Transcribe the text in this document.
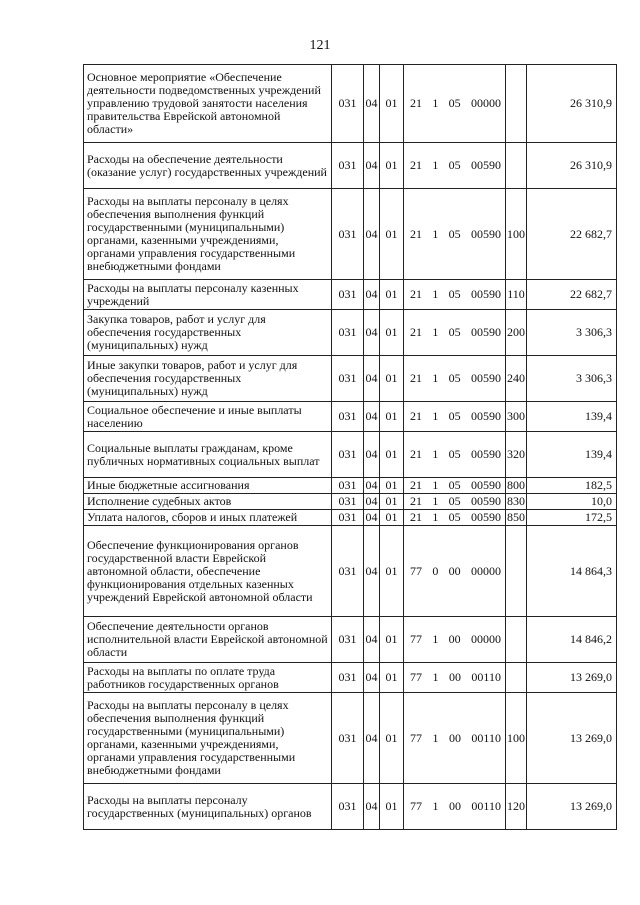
121
Основное мероприятие «Обеспечение деятельности подведомственных учреждений управлению трудовой занятости населения правительства Еврейской автономной области»	031	04	01	21 1 05 00000		26 310,9
Расходы на обеспечение деятельности (оказание услуг) государственных учреждений	031	04	01	21 1 05 00590		26 310,9
Расходы на выплаты персоналу в целях обеспечения выполнения функций государственными (муниципальными) органами, казенными учреждениями, органами управления государственными внебюджетными фондами	031	04	01	21 1 05 00590	100	22 682,7
Расходы на выплаты персоналу казенных учреждений	031	04	01	21 1 05 00590	110	22 682,7
Закупка товаров, работ и услуг для обеспечения государственных (муниципальных) нужд	031	04	01	21 1 05 00590	200	3 306,3
Иные закупки товаров, работ и услуг для обеспечения государственных (муниципальных) нужд	031	04	01	21 1 05 00590	240	3 306,3
Социальное обеспечение и иные выплаты населению	031	04	01	21 1 05 00590	300	139,4
Социальные выплаты гражданам, кроме публичных нормативных социальных выплат	031	04	01	21 1 05 00590	320	139,4
Иные бюджетные ассигнования	031	04	01	21 1 05 00590	800	182,5
Исполнение судебных актов	031	04	01	21 1 05 00590	830	10,0
Уплата налогов, сборов и иных платежей	031	04	01	21 1 05 00590	850	172,5
Обеспечение функционирования органов государственной власти Еврейской автономной области, обеспечение функционирования отдельных казенных учреждений Еврейской автономной области	031	04	01	77 0 00 00000		14 864,3
Обеспечение деятельности органов исполнительной власти Еврейской автономной области	031	04	01	77 1 00 00000		14 846,2
Расходы на выплаты по оплате труда работников государственных органов	031	04	01	77 1 00 00110		13 269,0
Расходы на выплаты персоналу в целях обеспечения выполнения функций государственными (муниципальными) органами, казенными учреждениями, органами управления государственными внебюджетными фондами	031	04	01	77 1 00 00110	100	13 269,0
Расходы на выплаты персоналу государственных (муниципальных) органов	031	04	01	77 1 00 00110	120	13 269,0
